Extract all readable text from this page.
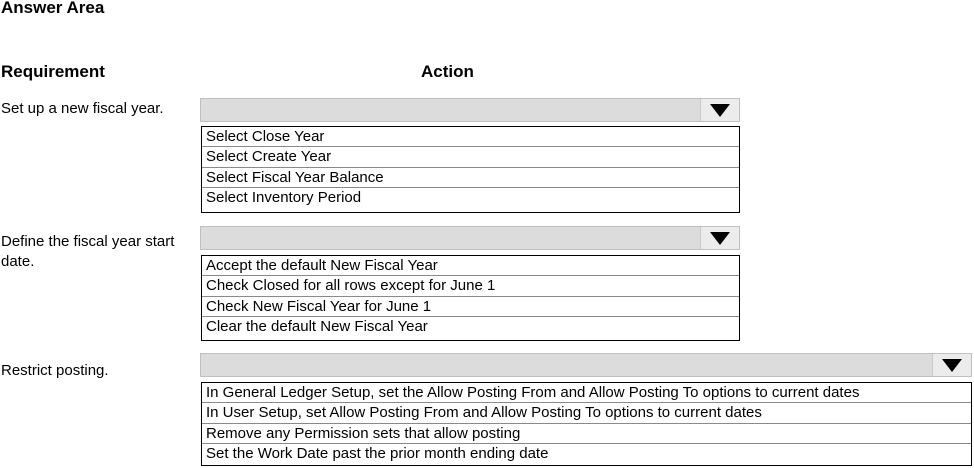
Answer Area
Requirement	Action
Set up a new fiscal year.
Select Close Year
Select Create Year
Select Fiscal Year Balance
Select Inventory Period
Define the fiscal year start date.	Accept the default New Fiscal Year
Check Closed for all rows except for June 1
Check New Fiscal Year for June 1
Clear the default New Fiscal Year
Restrict posting.
In General Ledger Setup, set the Allow Posting From and Allow Posting To options to current dates
In User Setup, set Allow Posting From and Allow Posting To options to current dates
Remove any Permission sets that allow posting
Set the Work Date past the prior month ending date
